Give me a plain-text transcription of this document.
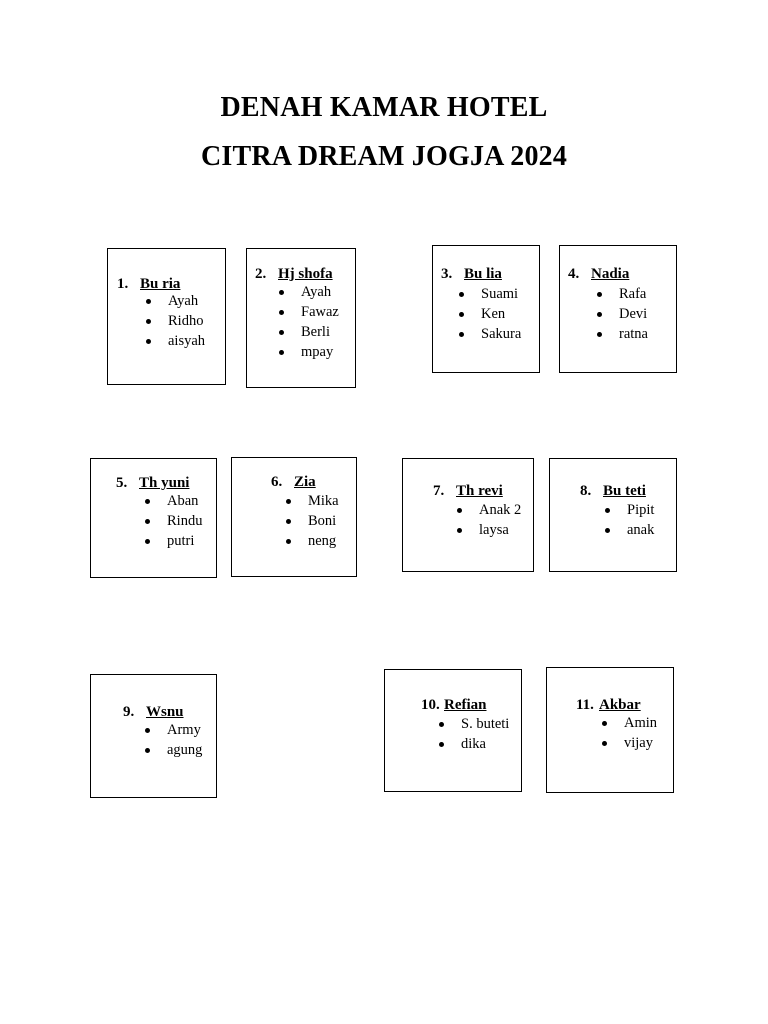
DENAH KAMAR HOTEL
CITRA DREAM JOGJA 2024
1. Bu ria
Ayah
Ridho
aisyah
2. Hj shofa
Ayah
Fawaz
Berli
mpay
3. Bu lia
Suami
Ken
Sakura
4. Nadia
Rafa
Devi
ratna
5. Th yuni
Aban
Rindu
putri
6. Zia
Mika
Boni
neng
7. Th revi
Anak 2
laysa
8. Bu teti
Pipit
anak
9. Wsnu
Army
agung
10. Refian
S. buteti
dika
11. Akbar
Amin
vijay
